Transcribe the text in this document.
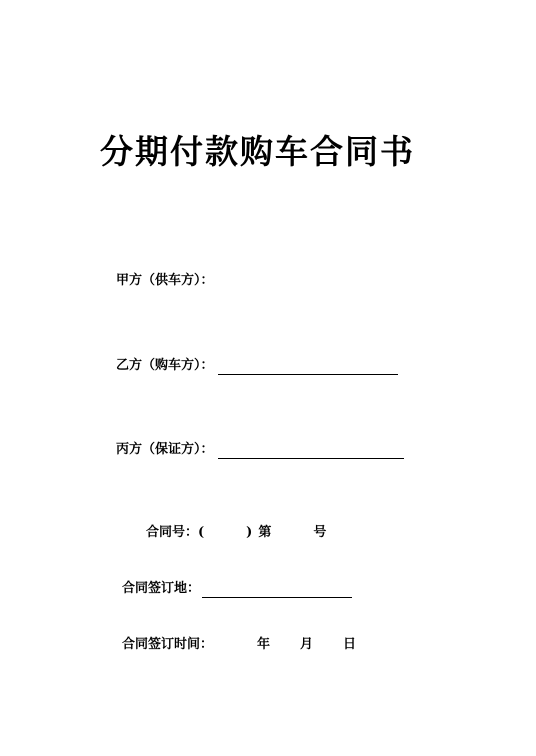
分期付款购车合同书
甲方（供车方）：
乙方（购车方）：
丙方（保证方）：
合同号：(	) 第	号
合同签订地：
合同签订时间：	年 月 日
